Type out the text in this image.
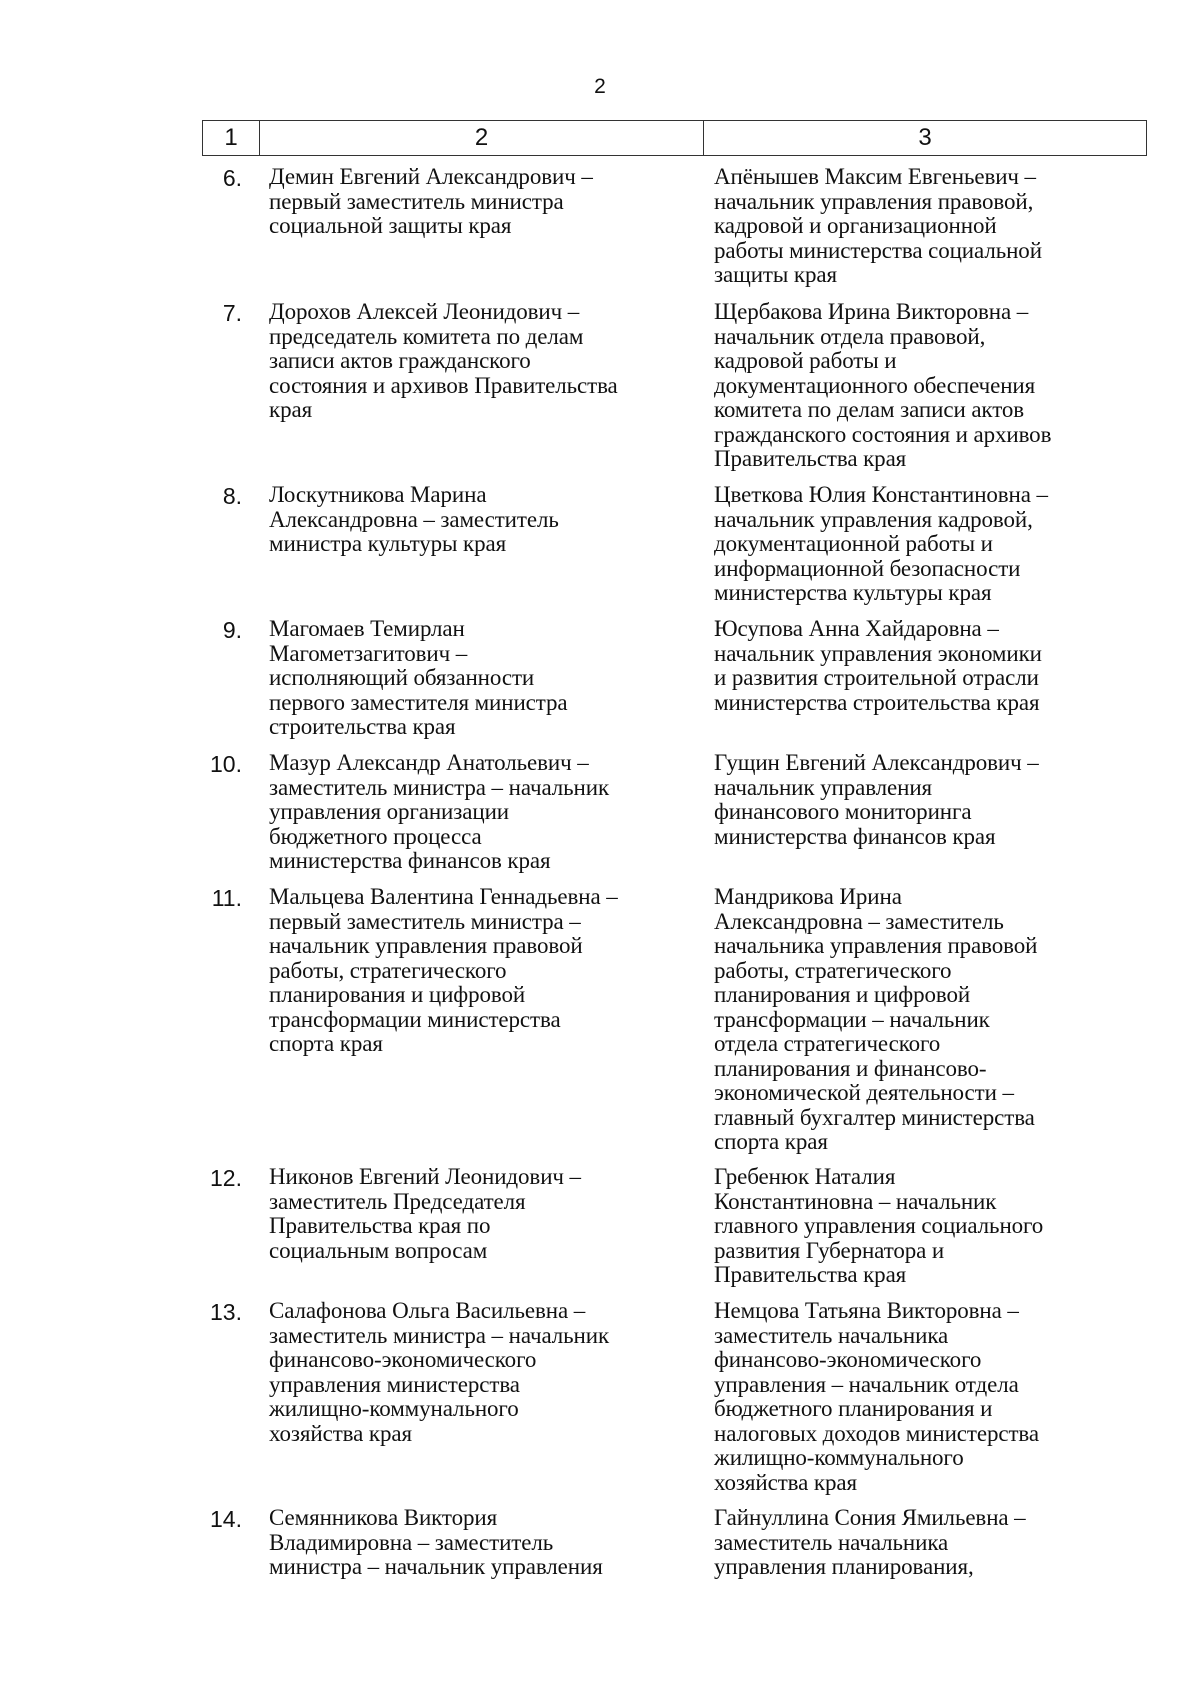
2
1	2	3
6. Демин Евгений Александрович –
первый заместитель министра
социальной защиты края
Апёнышев Максим Евгеньевич –
начальник управления правовой,
кадровой и организационной
работы министерства социальной
защиты края
7. Дорохов Алексей Леонидович –
председатель комитета по делам
записи актов гражданского
состояния и архивов Правительства
края
Щербакова Ирина Викторовна –
начальник отдела правовой,
кадровой работы и
документационного обеспечения
комитета по делам записи актов
гражданского состояния и архивов
Правительства края
8. Лоскутникова Марина
Александровна – заместитель
министра культуры края
Цветкова Юлия Константиновна –
начальник управления кадровой,
документационной работы и
информационной безопасности
министерства культуры края
9. Магомаев Темирлан
Магометзагитович –
исполняющий обязанности
первого заместителя министра
строительства края
Юсупова Анна Хайдаровна –
начальник управления экономики
и развития строительной отрасли
министерства строительства края
10. Мазур Александр Анатольевич –
заместитель министра – начальник
управления организации
бюджетного процесса
министерства финансов края
Гущин Евгений Александрович –
начальник управления
финансового мониторинга
министерства финансов края
11. Мальцева Валентина Геннадьевна –
первый заместитель министра –
начальник управления правовой
работы, стратегического
планирования и цифровой
трансформации министерства
спорта края
Мандрикова Ирина
Александровна – заместитель
начальника управления правовой
работы, стратегического
планирования и цифровой
трансформации – начальник
отдела стратегического
планирования и финансово-
экономической деятельности –
главный бухгалтер министерства
спорта края
12. Никонов Евгений Леонидович –
заместитель Председателя
Правительства края по
социальным вопросам
Гребенюк Наталия
Константиновна – начальник
главного управления социального
развития Губернатора и
Правительства края
13. Салафонова Ольга Васильевна –
заместитель министра – начальник
финансово-экономического
управления министерства
жилищно-коммунального
хозяйства края
Немцова Татьяна Викторовна –
заместитель начальника
финансово-экономического
управления – начальник отдела
бюджетного планирования и
налоговых доходов министерства
жилищно-коммунального
хозяйства края
14. Семянникова Виктория
Владимировна – заместитель
министра – начальник управления
Гайнуллина Сония Ямильевна –
заместитель начальника
управления планирования,
